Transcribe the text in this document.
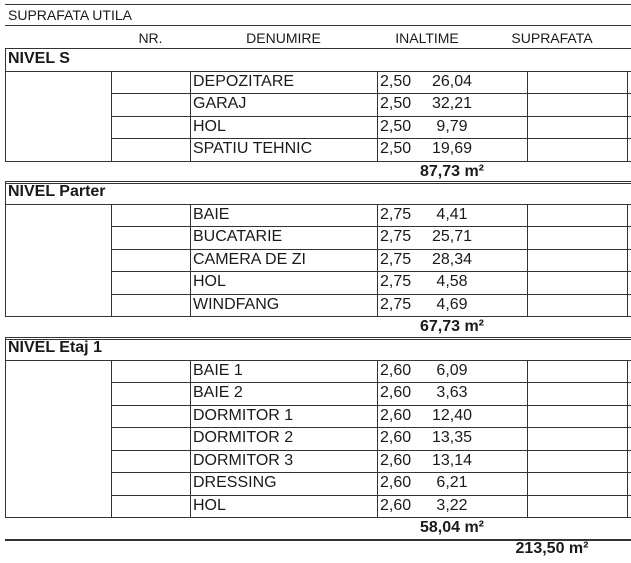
SUPRAFATA UTILA
NR.	DENUMIRE	INALTIME	SUPRAFATA
NIVEL S
DEPOZITARE	2,50	26,04
GARAJ	2,50	32,21
HOL	2,50	9,79
SPATIU TEHNIC	2,50	19,69
87,73 m²
NIVEL Parter
BAIE	2,75	4,41
BUCATARIE	2,75	25,71
CAMERA DE ZI	2,75	28,34
HOL	2,75	4,58
WINDFANG	2,75	4,69
67,73 m²
NIVEL Etaj 1
BAIE 1	2,60	6,09
BAIE 2	2,60	3,63
DORMITOR 1	2,60	12,40
DORMITOR 2	2,60	13,35
DORMITOR 3	2,60	13,14
DRESSING	2,60	6,21
HOL	2,60	3,22
58,04 m²
213,50 m²
